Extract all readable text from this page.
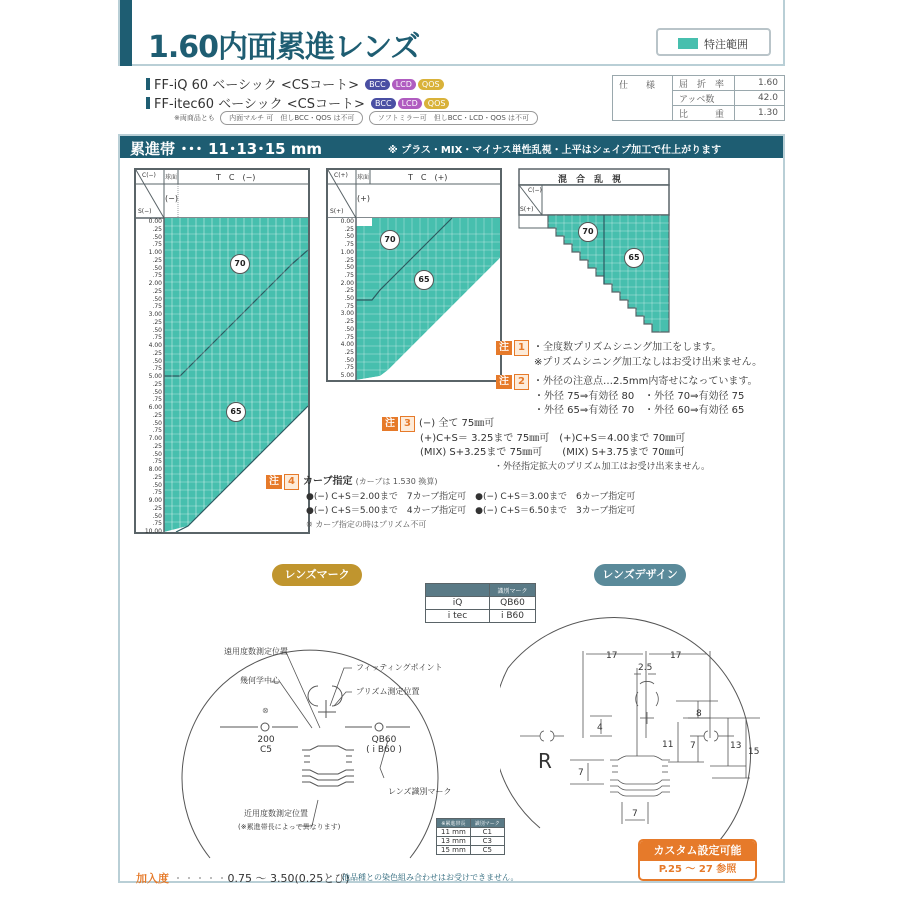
1.60内面累進レンズ	特注範囲
FF-iQ 60 ベーシック <CSコート> BCC LCD QOS
FF-itec60 ベーシック <CSコート> BCC LCD QOS
※両商品とも 内面マルチ 可　但しBCC・QOS は不可	ソフトミラー可　但しBCC・LCD・QOS は不可
仕　　様	屈　折　率	1.60
	アッベ数	42.0
	比　　　重	1.30
累進帯 ･･･ 11･13･15 mm	※ プラス・MIX・マイナス単性乱視・上平はシェイプ加工で仕上がります
C(−)
S(−)
球面	T　C　(−)
(−)
70
65
0.00
.25
.50
.75
1.00
.25
.50
.75
2.00
.25
.50
.75
3.00
.25
.50
.75
4.00
.25
.50
.75
5.00
.25
.50
.75
6.00
.25
.50
.75
7.00
.25
.50
.75
8.00
.25
.50
.75
9.00
.25
.50
.75
10.00
C(+)
S(+)
球面	T　C　(+)
(+)
70
65
0.00
.25
.50
.75
1.00
.25
.50
.75
2.00
.25
.50
.75
3.00
.25
.50
.75
4.00
.25
.50
.75
5.00
混　合　乱　視
C(−)
S(+)
70
65
注 1 ・全度数プリズムシニング加工をします。
※プリズムシニング加工なしはお受け出来ません。
注 2 ・外径の注意点…2.5mm内寄せになっています。
・外径 75⇒有効径 80　・外径 70⇒有効径 75
・外径 65⇒有効径 70　・外径 60⇒有効径 65
注 3 (−) 全て 75㎜可
(+)C+S＝ 3.25まで 75㎜可　(+)C+S＝4.00まで 70㎜可
(MIX) S+3.25まで 75㎜可　　(MIX) S+3.75まで 70㎜可
・外径指定拡大のプリズム加工はお受け出来ません。
注 4 カーブ指定 (カーブは 1.530 換算)
●(−) C+S＝2.00まで　7カーブ指定可　●(−) C+S＝3.00まで　6カーブ指定可
●(−) C+S＝5.00まで　4カーブ指定可　●(−) C+S＝6.50まで　3カーブ指定可
※ カーブ指定の時はプリズム不可
レンズマーク
	識別マーク
iQ	QB60
i tec	i B60
⊗
遠用度数測定位置
幾何学中心
フィッティングポイント
プリズム測定位置
200
C5
QB60
( i B60 )
レンズ識別マーク
近用度数測定位置
(※累進帯長によって異なります)	※累進帯長	識別マーク
11 mm	C1
13 mm	C3
15 mm	C5
レンズデザイン
17	17
2.5
4
8
11 7	13
15
7
7
R
カスタム設定可能
P.25 ～ 27 参照
加入度 ・・・・・0.75 ～ 3.50(0.25とび)
他品種との染色組み合わせはお受けできません。
